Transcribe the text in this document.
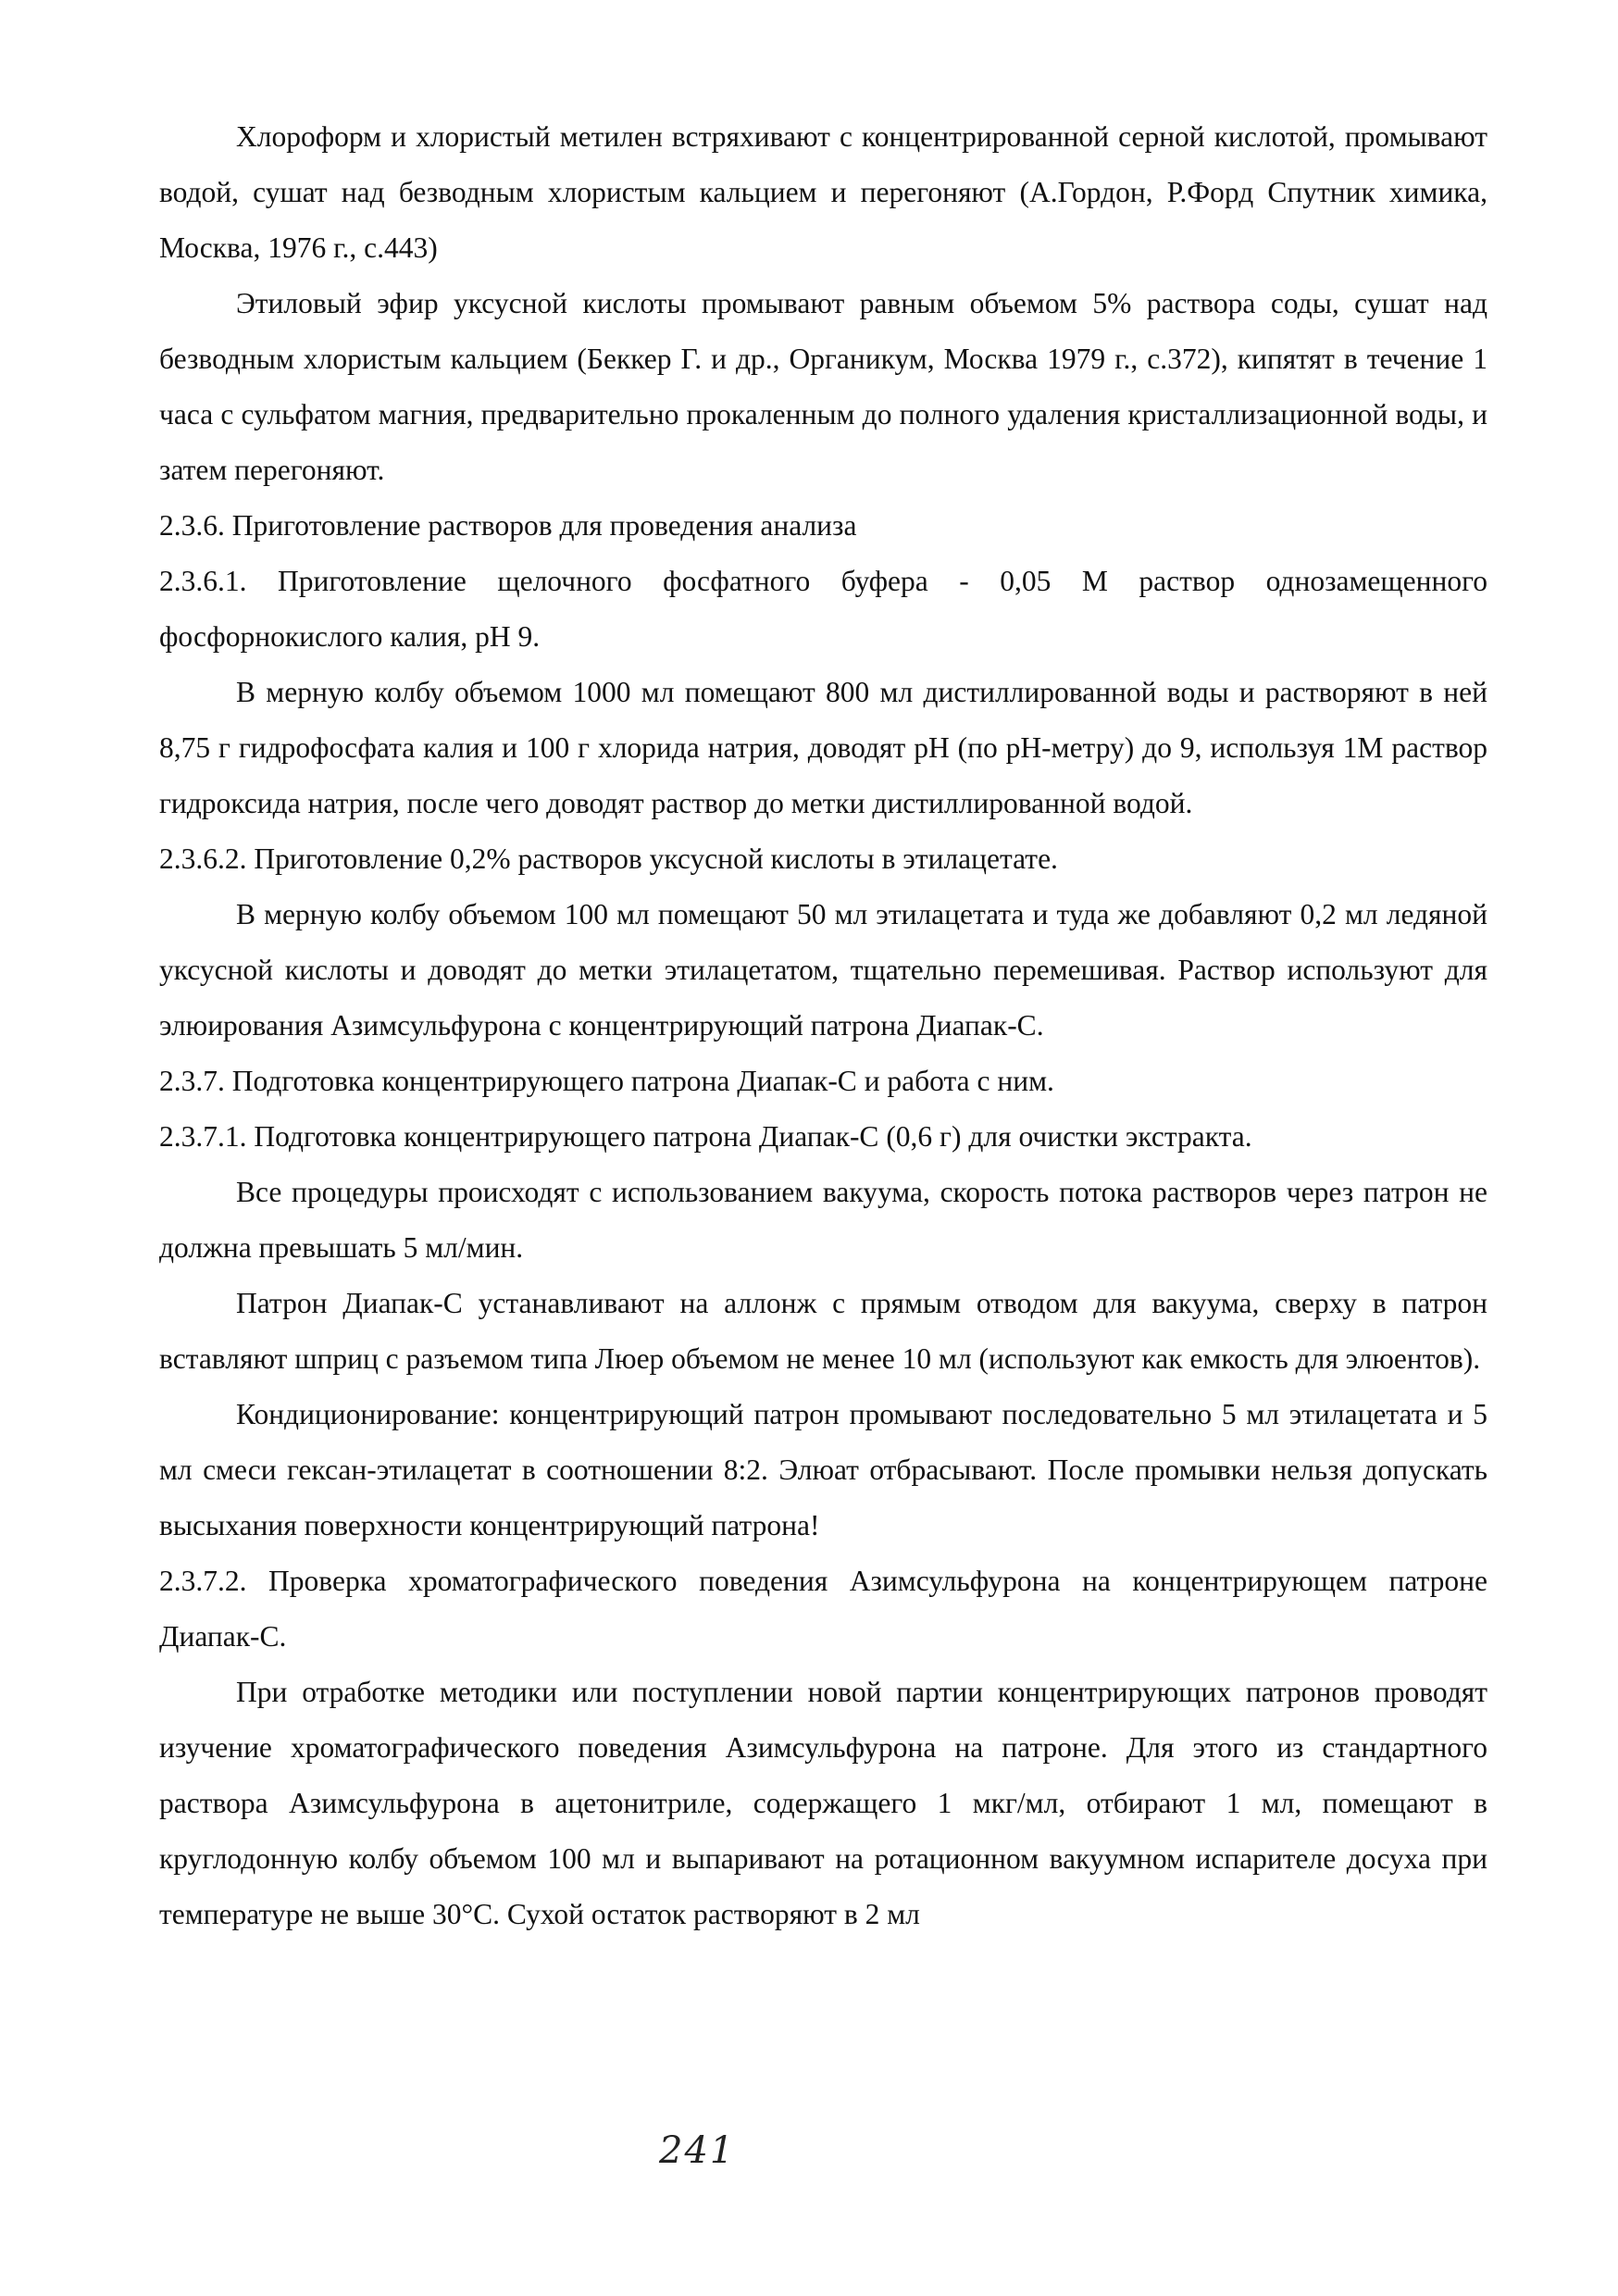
Хлороформ и хлористый метилен встряхивают с концентрированной серной кислотой, промывают водой, сушат над безводным хлористым кальцием и перегоняют (А.Гордон, Р.Форд Спутник химика, Москва, 1976 г., с.443)

Этиловый эфир уксусной кислоты промывают равным объемом 5% раствора соды, сушат над безводным хлористым кальцием (Беккер Г. и др., Органикум, Москва 1979 г., с.372), кипятят в течение 1 часа с сульфатом магния, предварительно прокаленным до полного удаления кристаллизационной воды, и затем перегоняют.

2.3.6. Приготовление растворов для проведения анализа

2.3.6.1. Приготовление щелочного фосфатного буфера - 0,05 М раствор однозамещенного фосфорнокислого калия, pH 9.

В мерную колбу объемом 1000 мл помещают 800 мл дистиллированной воды и растворяют в ней 8,75 г гидрофосфата калия и 100 г хлорида натрия, доводят pH (по pH-метру) до 9, используя 1М раствор гидроксида натрия, после чего доводят раствор до метки дистиллированной водой.

2.3.6.2. Приготовление 0,2% растворов уксусной кислоты в этилацетате.

В мерную колбу объемом 100 мл помещают 50 мл этилацетата и туда же добавляют 0,2 мл ледяной уксусной кислоты и доводят до метки этилацетатом, тщательно перемешивая. Раствор используют для элюирования Азимсульфурона с концентрирующий патрона Диапак-С.

2.3.7. Подготовка концентрирующего патрона Диапак-С и работа с ним.

2.3.7.1. Подготовка концентрирующего патрона Диапак-С (0,6 г) для очистки экстракта.

Все процедуры происходят с использованием вакуума, скорость потока растворов через патрон не должна превышать 5 мл/мин.

Патрон Диапак-С устанавливают на аллонж с прямым отводом для вакуума, сверху в патрон вставляют шприц с разъемом типа Люер объемом не менее 10 мл (используют как емкость для элюентов).

Кондиционирование: концентрирующий патрон промывают последовательно 5 мл этилацетата и 5 мл смеси гексан-этилацетат в соотношении 8:2. Элюат отбрасывают. После промывки нельзя допускать высыхания поверхности концентрирующий патрона!

2.3.7.2. Проверка хроматографического поведения Азимсульфурона на концентрирующем патроне Диапак-С.

При отработке методики или поступлении новой партии концентрирующих патронов проводят изучение хроматографического поведения Азимсульфурона на патроне. Для этого из стандартного раствора Азимсульфурона в ацетонитриле, содержащего 1 мкг/мл, отбирают 1 мл, помещают в круглодонную колбу объемом 100 мл и выпаривают на ротационном вакуумном испарителе досуха при температуре не выше 30°С. Сухой остаток растворяют в 2 мл

241
